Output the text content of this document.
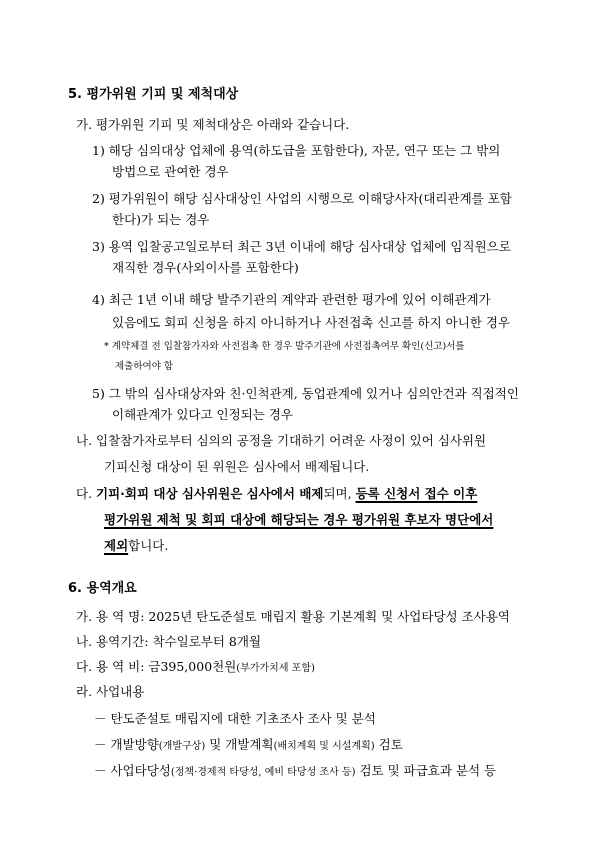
5. 평가위원 기피 및 제척대상
가. 평가위원 기피 및 제척대상은 아래와 같습니다.
1) 해당 심의대상 업체에 용역(하도급을 포함한다), 자문, 연구 또는 그 밖의
방법으로 관여한 경우
2) 평가위원이 해당 심사대상인 사업의 시행으로 이해당사자(대리관계를 포함
한다)가 되는 경우
3) 용역 입찰공고일로부터 최근 3년 이내에 해당 심사대상 업체에 임직원으로
재직한 경우(사외이사를 포함한다)
4) 최근 1년 이내 해당 발주기관의 계약과 관련한 평가에 있어 이해관계가
있음에도 회피 신청을 하지 아니하거나 사전접촉 신고를 하지 아니한 경우
* 계약체결 전 입찰참가자와 사전접촉 한 경우 발주기관에 사전접촉여부 확인(신고)서를
제출하여야 함
5) 그 밖의 심사대상자와 친·인척관계, 동업관계에 있거나 심의안건과 직접적인
이해관계가 있다고 인정되는 경우
나. 입찰참가자로부터 심의의 공정을 기대하기 어려운 사정이 있어 심사위원
기피신청 대상이 된 위원은 심사에서 배제됩니다.
다. 기피·회피 대상 심사위원은 심사에서 배제되며, 등록 신청서 접수 이후
평가위원 제척 및 회피 대상에 해당되는 경우 평가위원 후보자 명단에서
제외합니다.
6. 용역개요
가. 용 역 명: 2025년 탄도준설토 매립지 활용 기본계획 및 사업타당성 조사용역
나. 용역기간: 착수일로부터 8개월
다. 용 역 비: 금395,000천원(부가가치세 포함)
라. 사업내용
－ 탄도준설토 매립지에 대한 기초조사 조사 및 분석
－ 개발방향(개발구상) 및 개발계획(배치계획 및 시설계획) 검토
－ 사업타당성(정책·경제적 타당성, 예비 타당성 조사 등) 검토 및 파급효과 분석 등
